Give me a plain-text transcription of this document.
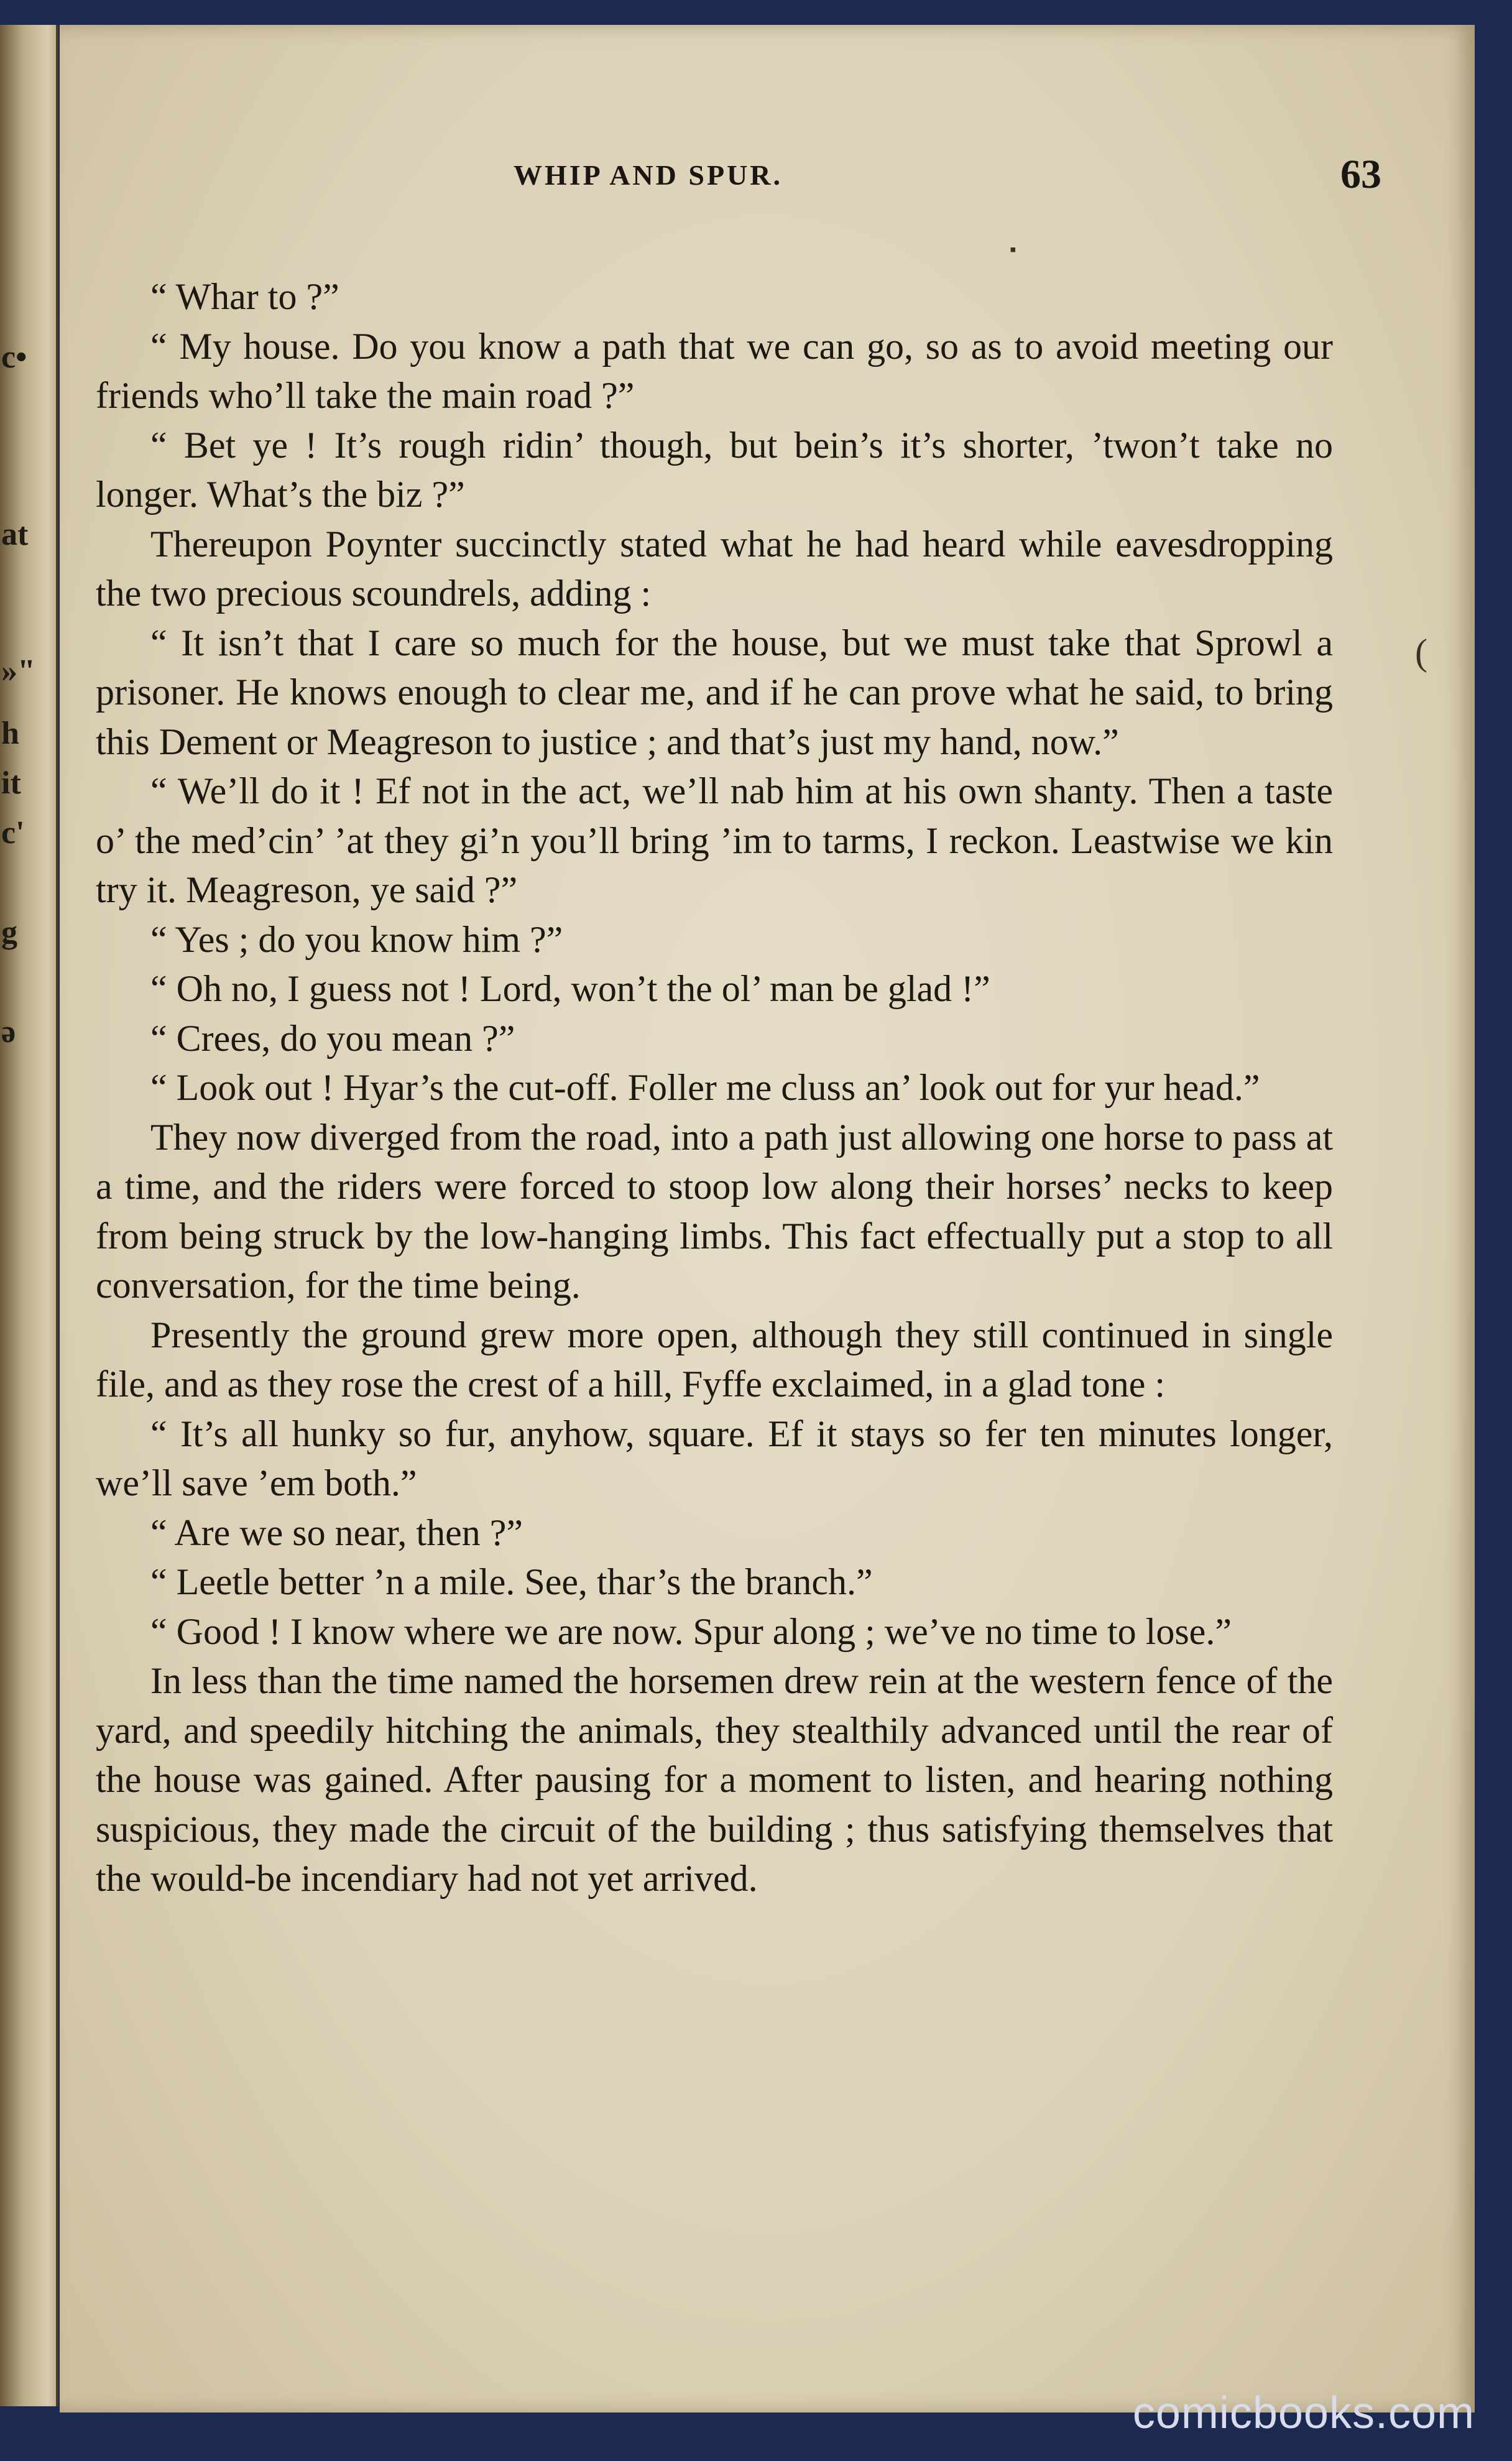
c•
at
»"
h
it
c'
g
ə
WHIP AND SPUR.	63
▪
(

“ Whar to ?”

“ My house. Do you know a path that we can go, so as to avoid meeting our friends who’ll take the main road ?”

“ Bet ye ! It’s rough ridin’ though, but bein’s it’s shorter, ’twon’t take no longer. What’s the biz ?”

Thereupon Poynter succinctly stated what he had heard while eavesdropping the two precious scoundrels, adding :

“ It isn’t that I care so much for the house, but we must take that Sprowl a prisoner. He knows enough to clear me, and if he can prove what he said, to bring this Dement or Meagreson to justice ; and that’s just my hand, now.”

“ We’ll do it ! Ef not in the act, we’ll nab him at his own shanty. Then a taste o’ the med’cin’ ’at they gi’n you’ll bring ’im to tarms, I reckon. Leastwise we kin try it. Meagreson, ye said ?”

“ Yes ; do you know him ?”

“ Oh no, I guess not ! Lord, won’t the ol’ man be glad !”

“ Crees, do you mean ?”

“ Look out ! Hyar’s the cut-off. Foller me cluss an’ look out for yur head.”

They now diverged from the road, into a path just allowing one horse to pass at a time, and the riders were forced to stoop low along their horses’ necks to keep from being struck by the low-hanging limbs. This fact effectually put a stop to all conversation, for the time being.

Presently the ground grew more open, although they still continued in single file, and as they rose the crest of a hill, Fyffe exclaimed, in a glad tone :

“ It’s all hunky so fur, anyhow, square. Ef it stays so fer ten minutes longer, we’ll save ’em both.”

“ Are we so near, then ?”

“ Leetle better ’n a mile. See, thar’s the branch.”

“ Good ! I know where we are now. Spur along ; we’ve no time to lose.”

In less than the time named the horsemen drew rein at the western fence of the yard, and speedily hitching the animals, they stealthily advanced until the rear of the house was gained. After pausing for a moment to listen, and hearing nothing suspicious, they made the circuit of the building ; thus satisfying themselves that the would-be incendiary had not yet arrived.

comicbooks.com
